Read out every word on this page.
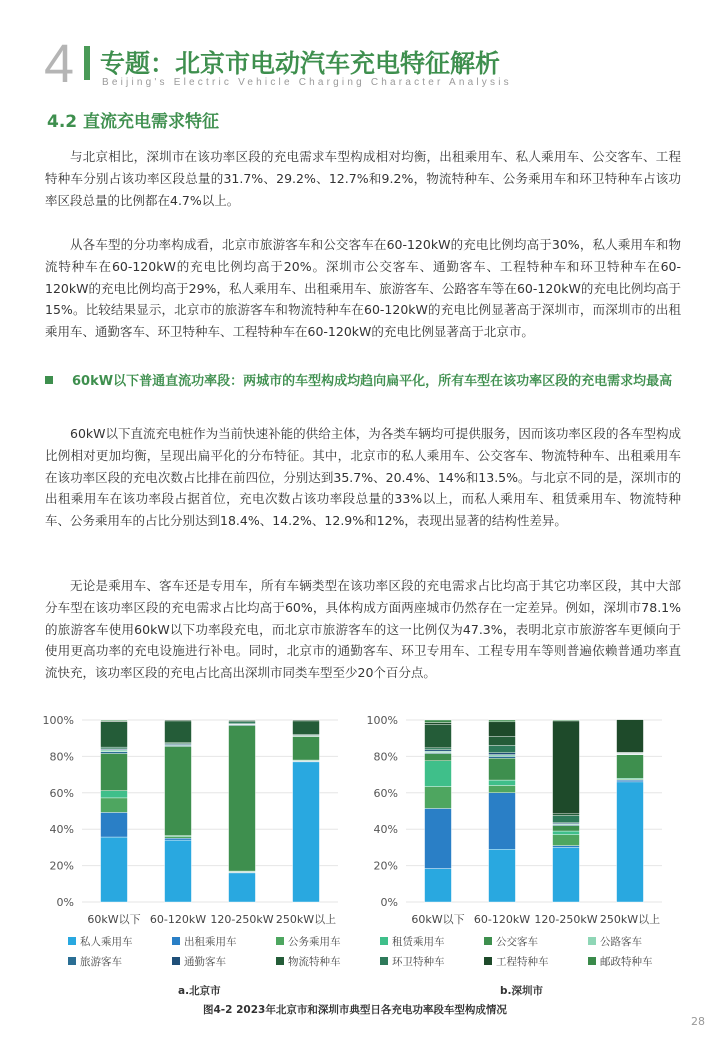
4 专题：北京市电动汽车充电特征解析
Beijing's Electric Vehicle Charging Character Analysis
4.2 直流充电需求特征
与北京相比，深圳市在该功率区段的充电需求车型构成相对均衡，出租乘用车、私人乘用车、公交客车、工程特种车分别占该功率区段总量的31.7%、29.2%、12.7%和9.2%，物流特种车、公务乘用车和环卫特种车占该功率区段总量的比例都在4.7%以上。
从各车型的分功率构成看，北京市旅游客车和公交客车在60-120kW的充电比例均高于30%，私人乘用车和物流特种车在60-120kW的充电比例均高于20%。深圳市公交客车、通勤客车、工程特种车和环卫特种车在60-120kW的充电比例均高于29%，私人乘用车、出租乘用车、旅游客车、公路客车等在60-120kW的充电比例均高于15%。比较结果显示，北京市的旅游客车和物流特种车在60-120kW的充电比例显著高于深圳市，而深圳市的出租乘用车、通勤客车、环卫特种车、工程特种车在60-120kW的充电比例显著高于北京市。
60kW以下普通直流功率段：两城市的车型构成均趋向扁平化，所有车型在该功率区段的充电需求均最高
60kW以下直流充电桩作为当前快速补能的供给主体，为各类车辆均可提供服务，因而该功率区段的各车型构成比例相对更加均衡，呈现出扁平化的分布特征。其中，北京市的私人乘用车、公交客车、物流特种车、出租乘用车在该功率区段的充电次数占比排在前四位，分别达到35.7%、20.4%、14%和13.5%。与北京不同的是，深圳市的出租乘用车在该功率段占据首位，充电次数占该功率段总量的33%以上，而私人乘用车、租赁乘用车、物流特种车、公务乘用车的占比分别达到18.4%、14.2%、12.9%和12%，表现出显著的结构性差异。
无论是乘用车、客车还是专用车，所有车辆类型在该功率区段的充电需求占比均高于其它功率区段，其中大部分车型在该功率区段的充电需求占比均高于60%，具体构成方面两座城市仍然存在一定差异。例如，深圳市78.1%的旅游客车使用60kW以下功率段充电，而北京市旅游客车的这一比例仅为47.3%，表明北京市旅游客车更倾向于使用更高功率的充电设施进行补电。同时，北京市的通勤客车、环卫专用车、工程专用车等则普遍依赖普通功率直流快充，该功率区段的充电占比高出深圳市同类车型至少20个百分点。
0%
20%
40%
60%
80%
100%
60kW以下 60-120kW 120-250kW 250kW以上
0%
20%
40%
60%
80%
100%
60kW以下 60-120kW 120-250kW 250kW以上
私人乘用车	出租乘用车	公务乘用车
旅游客车	通勤客车	物流特种车
租赁乘用车	公交客车	公路客车
环卫特种车	工程特种车	邮政特种车
a.北京市	b.深圳市
图4-2 2023年北京市和深圳市典型日各充电功率段车型构成情况
28
